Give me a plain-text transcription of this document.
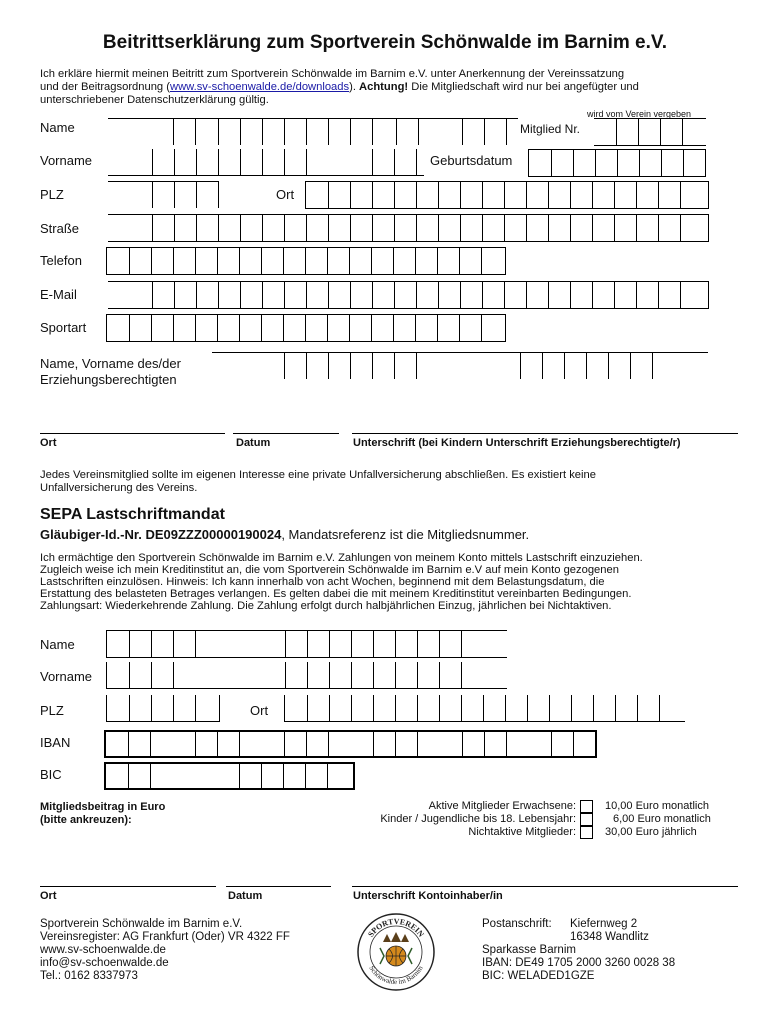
Beitrittserklärung zum Sportverein Schönwalde im Barnim e.V.
Ich erkläre hiermit meinen Beitritt zum Sportverein Schönwalde im Barnim e.V. unter Anerkennung der Vereinssatzung
und der Beitragsordnung (www.sv-schoenwalde.de/downloads). Achtung! Die Mitgliedschaft wird nur bei angefügter und
unterschriebener Datenschutzerklärung gültig.
wird vom Verein vergeben
Name	Mitglied Nr.
Vorname	Geburtsdatum
PLZ	Ort
Straße
Telefon
E-Mail
Sportart
Name, Vorname des/der
Erziehungsberechtigten
Ort	Datum	Unterschrift (bei Kindern Unterschrift Erziehungsberechtigte/r)
Jedes Vereinsmitglied sollte im eigenen Interesse eine private Unfallversicherung abschließen. Es existiert keine
Unfallversicherung des Vereins.
SEPA Lastschriftmandat
Gläubiger-Id.-Nr. DE09ZZZ00000190024, Mandatsreferenz ist die Mitgliedsnummer.
Ich ermächtige den Sportverein Schönwalde im Barnim e.V. Zahlungen von meinem Konto mittels Lastschrift einzuziehen.
Zugleich weise ich mein Kreditinstitut an, die vom Sportverein Schönwalde im Barnim e.V auf mein Konto gezogenen
Lastschriften einzulösen. Hinweis: Ich kann innerhalb von acht Wochen, beginnend mit dem Belastungsdatum, die
Erstattung des belasteten Betrages verlangen. Es gelten dabei die mit meinem Kreditinstitut vereinbarten Bedingungen.
Zahlungsart: Wiederkehrende Zahlung. Die Zahlung erfolgt durch halbjährlichen Einzug, jährlichen bei Nichtaktiven.
Name
Vorname
PLZ	Ort
IBAN
BIC
Mitgliedsbeitrag in Euro
(bitte ankreuzen):
Aktive Mitglieder Erwachsene:	10,00 Euro monatlich
Kinder / Jugendliche bis 18. Lebensjahr:	6,00 Euro monatlich
Nichtaktive Mitglieder:	30,00 Euro jährlich
Ort	Datum	Unterschrift Kontoinhaber/in
Sportverein Schönwalde im Barnim e.V.
Vereinsregister: AG Frankfurt (Oder) VR 4322 FF
www.sv-schoenwalde.de
info@sv-schoenwalde.de
Tel.: 0162 8337973
SPORTVEREIN
Schönwalde im Barnim
Postanschrift: Kiefernweg 2
16348 Wandlitz
Sparkasse Barnim
IBAN: DE49 1705 2000 3260 0028 38
BIC: WELADED1GZE
